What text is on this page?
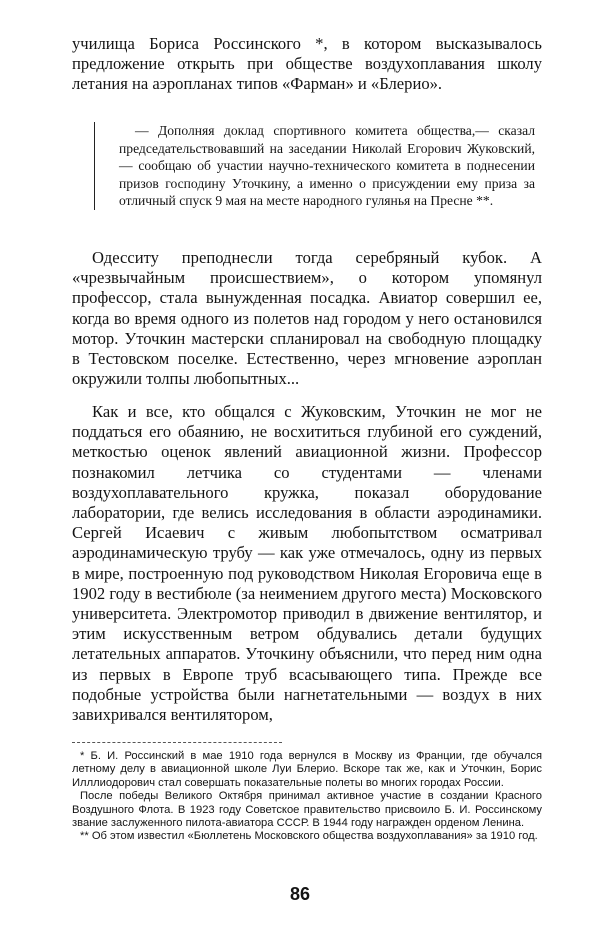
училища Бориса Россинского *, в котором высказывалось предложение открыть при обществе воздухоплавания школу летания на аэропланах типов «Фарман» и «Блерио».

— Дополняя доклад спортивного комитета общества,— сказал председательствовавший на заседании Николай Егорович Жуковский,— сообщаю об участии научно-технического комитета в поднесении призов господину Уточкину, а именно о присуждении ему приза за отличный спуск 9 мая на месте народного гулянья на Пресне **.

Одесситу преподнесли тогда серебряный кубок. А «чрезвычайным происшествием», о котором упомянул профессор, стала вынужденная посадка. Авиатор совершил ее, когда во время одного из полетов над городом у него остановился мотор. Уточкин мастерски спланировал на свободную площадку в Тестовском поселке. Естественно, через мгновение аэроплан окружили толпы любопытных...

Как и все, кто общался с Жуковским, Уточкин не мог не поддаться его обаянию, не восхититься глубиной его суждений, меткостью оценок явлений авиационной жизни. Профессор познакомил летчика со студентами — членами воздухоплавательного кружка, показал оборудование лаборатории, где велись исследования в области аэродинамики. Сергей Исаевич с живым любопытством осматривал аэродинамическую трубу — как уже отмечалось, одну из первых в мире, построенную под руководством Николая Егоровича еще в 1902 году в вестибюле (за неимением другого места) Московского университета. Электромотор приводил в движение вентилятор, и этим искусственным ветром обдувались детали будущих летательных аппаратов. Уточкину объяснили, что перед ним одна из первых в Европе труб всасывающего типа. Прежде все подобные устройства были нагнетательными — воздух в них завихривался вентилятором,

* Б. И. Россинский в мае 1910 года вернулся в Москву из Франции, где обучался летному делу в авиационной школе Луи Блерио. Вскоре так же, как и Уточкин, Борис Илллиодорович стал совершать показательные полеты во многих городах России.

После победы Великого Октября принимал активное участие в создании Красного Воздушного Флота. В 1923 году Советское правительство присвоило Б. И. Россинскому звание заслуженного пилота-авиатора СССР. В 1944 году награжден орденом Ленина.

** Об этом известил «Бюллетень Московского общества воздухоплавания» за 1910 год.

86
